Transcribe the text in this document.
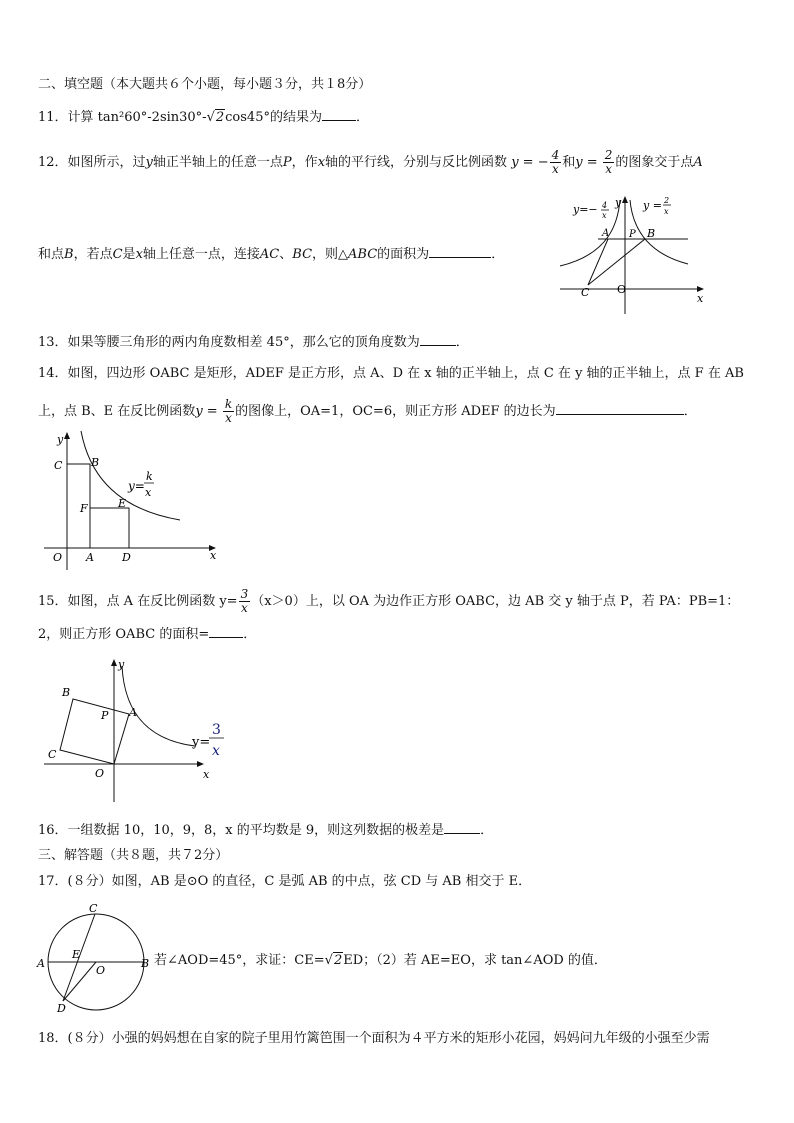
二、填空题（本大题共６个小题，每小题３分，共１8分）
11．计算 tan²60°-2sin30°-√2cos45°的结果为	．
12．如图所示，过y轴正半轴上的任意一点P，作x轴的平行线，分别与反比例函数 y = − $\frac{4}{x}$ 和$y = \frac{2}{x}$ 的图象交于点A
y=− 4
x
y = 2
x
y
x
A P B
C	O
和点B，若点C是x轴上任意一点，连接AC、BC，则△ABC的面积为	．
13．如果等腰三角形的两内角度数相差 45°，那么它的顶角度数为	．
14．如图，四边形 OABC 是矩形，ADEF 是正方形，点 A、D 在 x 轴的正半轴上，点 C 在 y 轴的正半轴上，点 F 在 AB
上，点 B、E 在反比例函数$y = \frac{k}{x}$ 的图像上，OA=1，OC=6，则正方形 ADEF 的边长为	．
y
x
C	B
F	E
O A	D
y=
k
x
15．如图，点 A 在反比例函数 $y= \frac{3}{x} (x>0)$上，以 OA 为边作正方形 OABC，边 AB 交 y 轴于点 P，若 PA：PB=1：
2，则正方形 OABC 的面积=	．
y
x
B
P A
C
O
y=
3
x
16．一组数据 10，10，9，8，x 的平均数是 9，则这列数据的极差是	．
三、解答题（共８题，共７2分）
17．(８分）如图，AB 是⊙O 的直径，C 是弧 AB 的中点，弦 CD 与 AB 相交于 E．
C
A
E
O
B
D
若∠AOD=45°，求证：CE=√2ED；（2）若 AE=EO，求 tan∠AOD 的值．
18．(８分）小强的妈妈想在自家的院子里用竹篱笆围一个面积为４平方米的矩形小花园，妈妈问九年级的小强至少需
